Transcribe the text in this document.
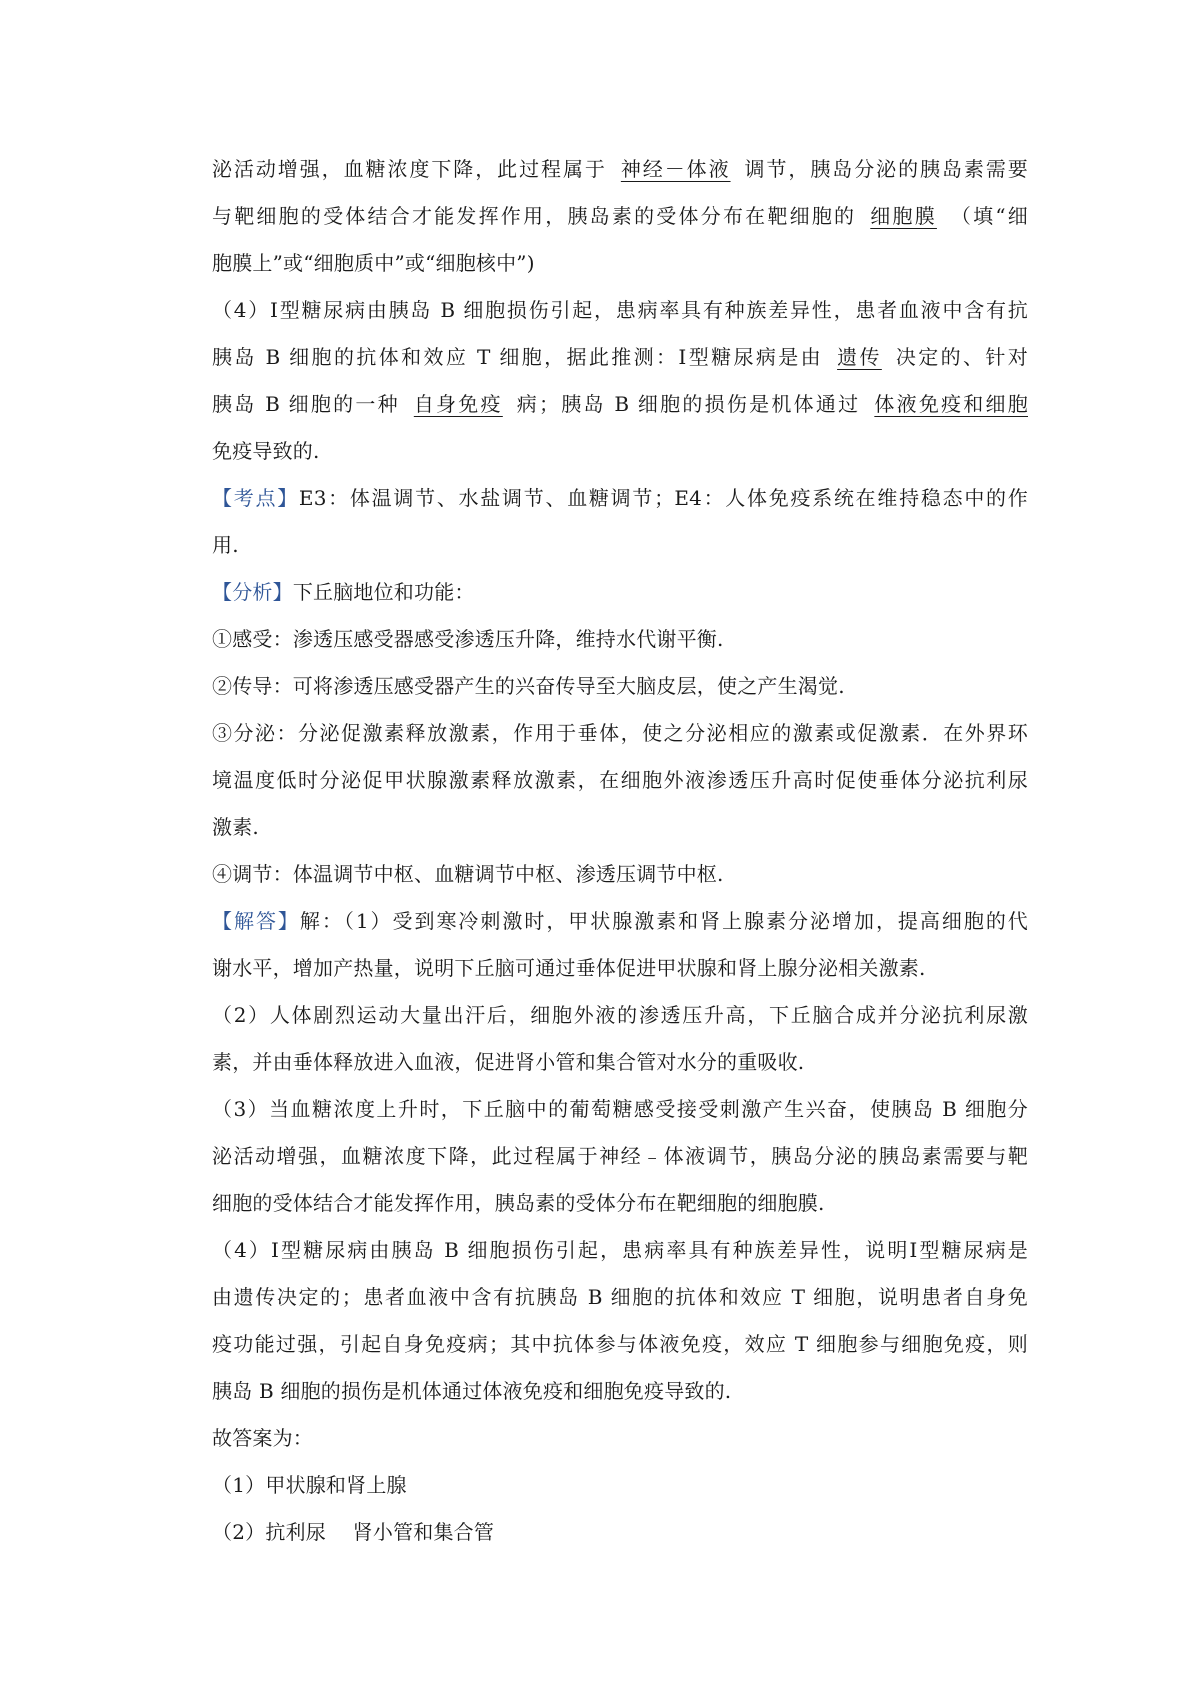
泌活动增强，血糖浓度下降，此过程属于 神经－体液 调节，胰岛分泌的胰岛素需要
与靶细胞的受体结合才能发挥作用，胰岛素的受体分布在靶细胞的 细胞膜 （填“细
胞膜上”或“细胞质中”或“细胞核中”)
（4）Ⅰ型糖尿病由胰岛 B 细胞损伤引起，患病率具有种族差异性，患者血液中含有抗
胰岛 B 细胞的抗体和效应 T 细胞，据此推测：Ⅰ型糖尿病是由 遗传 决定的、针对
胰岛 B 细胞的一种 自身免疫 病；胰岛 B 细胞的损伤是机体通过 体液免疫和细胞
免疫导致的.
【考点】E3：体温调节、水盐调节、血糖调节；E4：人体免疫系统在维持稳态中的作
用.
【分析】下丘脑地位和功能：
①感受：渗透压感受器感受渗透压升降，维持水代谢平衡.
②传导：可将渗透压感受器产生的兴奋传导至大脑皮层，使之产生渴觉.
③分泌：分泌促激素释放激素，作用于垂体，使之分泌相应的激素或促激素．在外界环
境温度低时分泌促甲状腺激素释放激素，在细胞外液渗透压升高时促使垂体分泌抗利尿
激素.
④调节：体温调节中枢、血糖调节中枢、渗透压调节中枢.
【解答】解：（1）受到寒冷刺激时，甲状腺激素和肾上腺素分泌增加，提高细胞的代
谢水平，增加产热量，说明下丘脑可通过垂体促进甲状腺和肾上腺分泌相关激素.
（2）人体剧烈运动大量出汗后，细胞外液的渗透压升高，下丘脑合成并分泌抗利尿激
素，并由垂体释放进入血液，促进肾小管和集合管对水分的重吸收.
（3）当血糖浓度上升时，下丘脑中的葡萄糖感受接受刺激产生兴奋，使胰岛 B 细胞分
泌活动增强，血糖浓度下降，此过程属于神经﹣体液调节，胰岛分泌的胰岛素需要与靶
细胞的受体结合才能发挥作用，胰岛素的受体分布在靶细胞的细胞膜.
（4）Ⅰ型糖尿病由胰岛 B 细胞损伤引起，患病率具有种族差异性，说明Ⅰ型糖尿病是
由遗传决定的；患者血液中含有抗胰岛 B 细胞的抗体和效应 T 细胞，说明患者自身免
疫功能过强，引起自身免疫病；其中抗体参与体液免疫，效应 T 细胞参与细胞免疫，则
胰岛 B 细胞的损伤是机体通过体液免疫和细胞免疫导致的.
故答案为：
（1）甲状腺和肾上腺
（2）抗利尿　 肾小管和集合管
